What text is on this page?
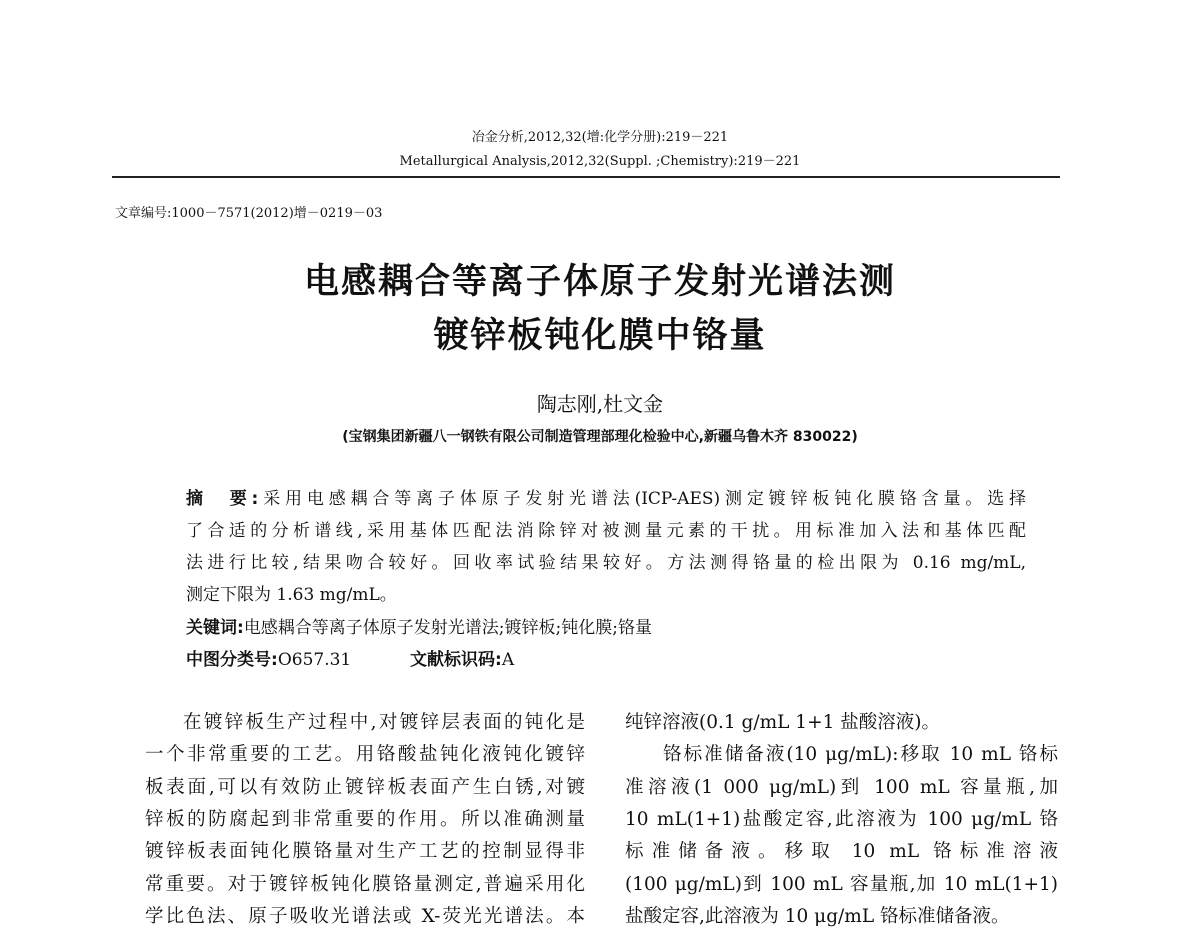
冶金分析,2012,32(增:化学分册):219－221
Metallurgical Analysis,2012,32(Suppl. ;Chemistry):219－221
文章编号:1000－7571(2012)增－0219－03
电感耦合等离子体原子发射光谱法测
镀锌板钝化膜中铬量
陶志刚,杜文金
(宝钢集团新疆八一钢铁有限公司制造管理部理化检验中心,新疆乌鲁木齐 830022)
摘　要:采用电感耦合等离子体原子发射光谱法(ICP-AES)测定镀锌板钝化膜铬含量。选择
了合适的分析谱线,采用基体匹配法消除锌对被测量元素的干扰。用标准加入法和基体匹配
法进行比较,结果吻合较好。回收率试验结果较好。方法测得铬量的检出限为 0.16 mg/mL,
测定下限为 1.63 mg/mL。
关键词:电感耦合等离子体原子发射光谱法;镀锌板;钝化膜;铬量
中图分类号:O657.31	文献标识码:A
在镀锌板生产过程中,对镀锌层表面的钝化是
一个非常重要的工艺。用铬酸盐钝化液钝化镀锌
板表面,可以有效防止镀锌板表面产生白锈,对镀
锌板的防腐起到非常重要的作用。所以准确测量
镀锌板表面钝化膜铬量对生产工艺的控制显得非
常重要。对于镀锌板钝化膜铬量测定,普遍采用化
学比色法、原子吸收光谱法或 X-荧光光谱法。本
纯锌溶液(0.1 g/mL 1+1 盐酸溶液)。
铬标准储备液(10 μg/mL):移取 10 mL 铬标
准溶液(1 000 μg/mL)到 100 mL 容量瓶,加
10 mL(1+1)盐酸定容,此溶液为 100 μg/mL 铬
标准储备液。移取 10 mL 铬标准溶液
(100 μg/mL)到 100 mL 容量瓶,加 10 mL(1+1)
盐酸定容,此溶液为 10 μg/mL 铬标准储备液。
